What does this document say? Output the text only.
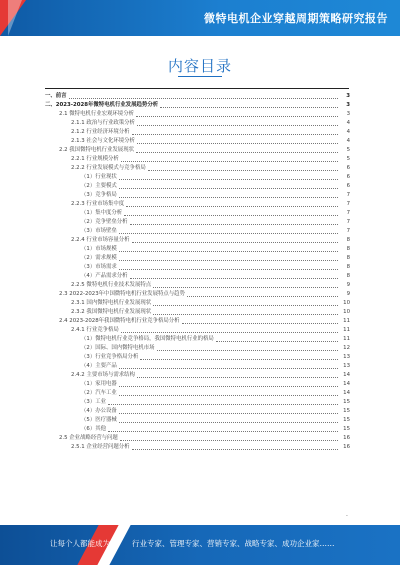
微特电机企业穿越周期策略研究报告
内容目录
一、前言	3
二、2023-2028年微特电机行业发展趋势分析	3
2.1 微特电机行业宏观环境分析	3
2.1.1 政治与行业政策分析	4
2.1.2 行业经济环境分析	4
2.1.3 社会与文化环境分析	4
2.2 我国微特电机行业发展现状	5
2.2.1 行业规模分析	5
2.2.2 行业发展模式与竞争格局	6
（1）行业现状	6
（2）主要模式	6
（3）竞争格局	7
2.2.3 行业市场集中度	7
（1）集中度分析	7
（2）竞争壁垒分析	7
（3）市场壁垒	7
2.2.4 行业市场容量分析	8
（1）市场规模	8
（2）需求规模	8
（3）市场需求	8
（4）产品需求分析	8
2.2.5 微特电机行业技术发展特点	9
2.3 2022-2023年中国微特电机行业发展特点与趋势	9
2.3.1 国内微特电机行业发展现状	10
2.3.2 我国微特电机行业发展现状	10
2.4 2023-2028年我国微特电机行业竞争格局分析	11
2.4.1 行业竞争格局	11
（1）微特电机行业竞争格局，我国微特电机行业的格局	11
（2）国际、国内微特电机市场	12
（3）行业竞争格局分析	13
（4）主要产品	13
2.4.2 主要市场与需求结构	14
（1）家用电器	14
（2）汽车工业	14
（3）工业	15
（4）办公设备	15
（5）医疗器械	15
（6）其他	15
2.5 企业战略经营与问题	16
2.5.1 企业经营问题分析	16
-
让每个人都能成为	行业专家、管理专家、营销专家、战略专家、成功企业家……
